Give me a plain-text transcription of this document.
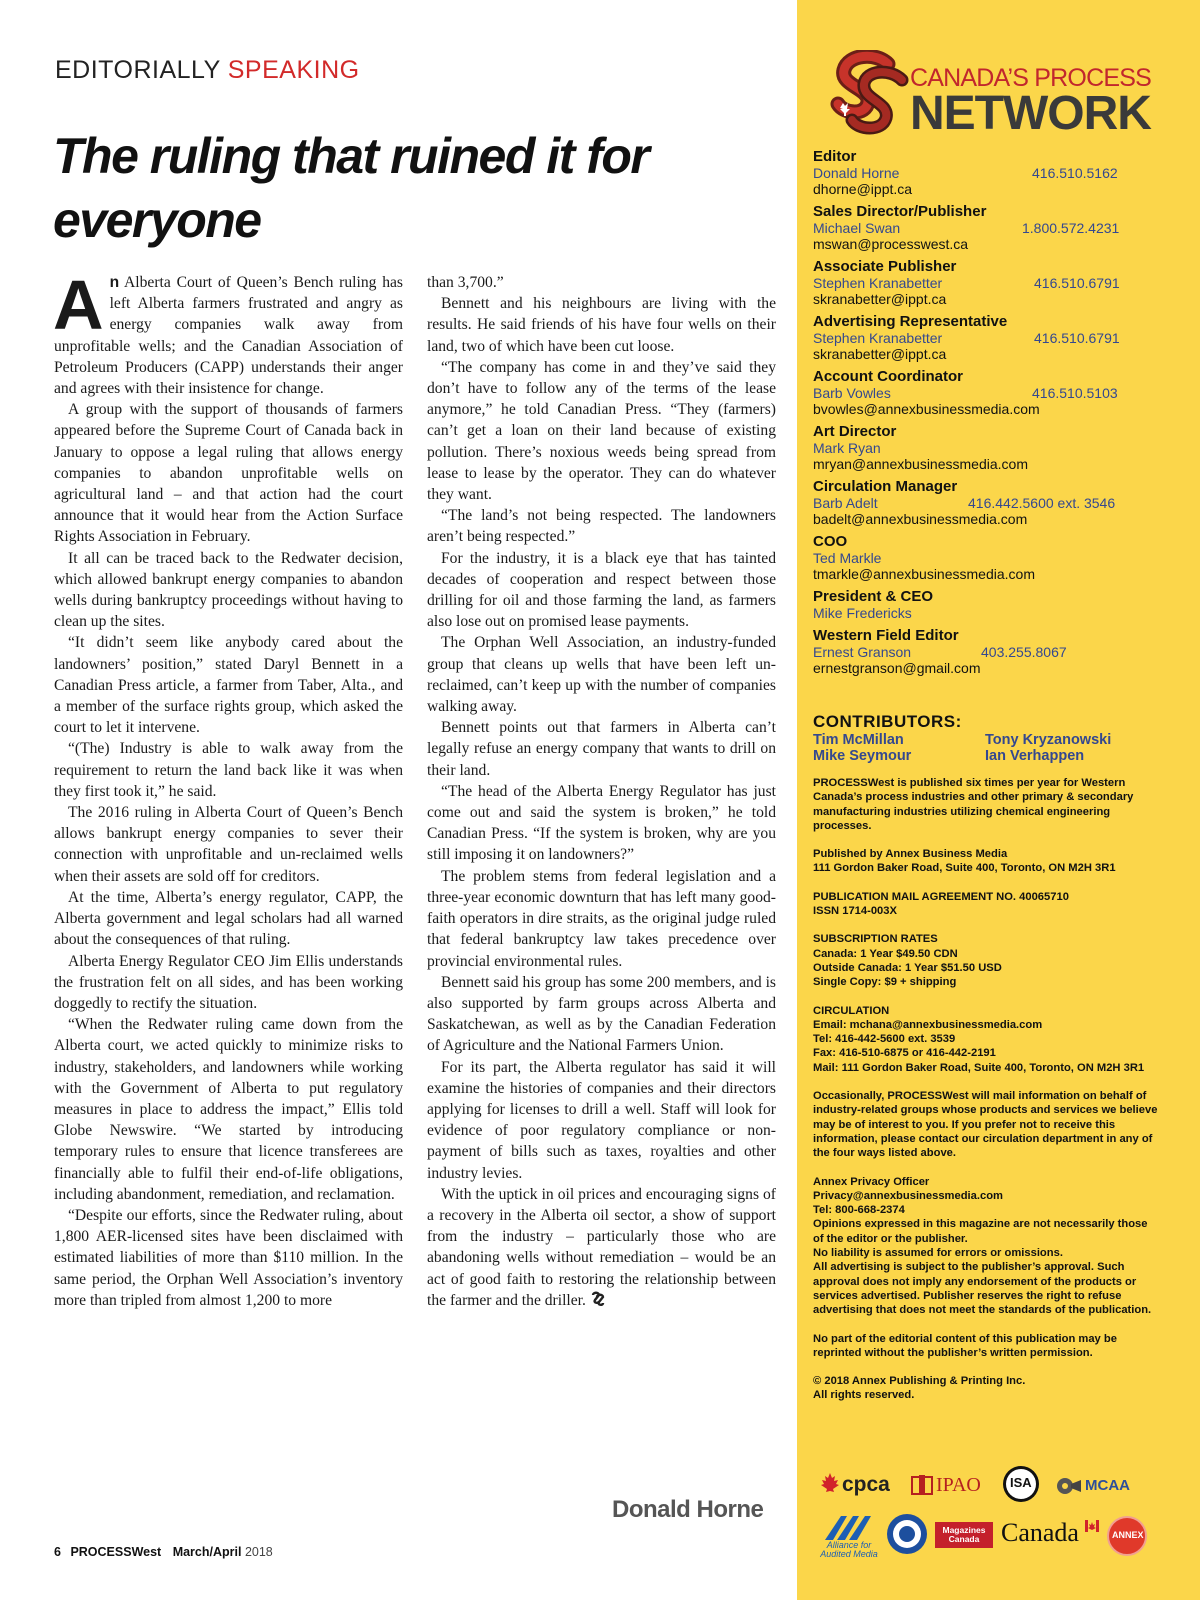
EDITORIALLY SPEAKING
The ruling that ruined it for everyone

An Alberta Court of Queen’s Bench ruling has left Alberta farmers frustrated and angry as energy companies walk away from unprofitable wells; and the Canadian Association of Petroleum Producers (CAPP) understands their anger and agrees with their insistence for change.

A group with the support of thousands of farmers appeared before the Supreme Court of Canada back in January to oppose a legal ruling that allows energy companies to abandon unprofitable wells on agricultural land – and that action had the court announce that it would hear from the Action Surface Rights Association in February.

It all can be traced back to the Redwater decision, which allowed bankrupt energy companies to abandon wells during bankruptcy proceedings without having to clean up the sites.

“It didn’t seem like anybody cared about the landowners’ position,” stated Daryl Bennett in a Canadian Press article, a farmer from Taber, Alta., and a member of the surface rights group, which asked the court to let it intervene.

“(The) Industry is able to walk away from the requirement to return the land back like it was when they first took it,” he said.

The 2016 ruling in Alberta Court of Queen’s Bench allows bankrupt energy companies to sever their connection with unprofitable and un-reclaimed wells when their assets are sold off for creditors.

At the time, Alberta’s energy regulator, CAPP, the Alberta government and legal scholars had all warned about the consequences of that ruling.

Alberta Energy Regulator CEO Jim Ellis understands the frustration felt on all sides, and has been working doggedly to rectify the situation.

“When the Redwater ruling came down from the Alberta court, we acted quickly to minimize risks to industry, stakeholders, and landowners while working with the Government of Alberta to put regulatory measures in place to address the impact,” Ellis told Globe Newswire. “We started by introducing temporary rules to ensure that licence transferees are financially able to fulfil their end-of-life obligations, including abandonment, remediation, and reclamation.

“Despite our efforts, since the Redwater ruling, about 1,800 AER-licensed sites have been disclaimed with estimated liabilities of more than $110 million. In the same period, the Orphan Well Association’s inventory more than tripled from almost 1,200 to more

than 3,700.”

Bennett and his neighbours are living with the results. He said friends of his have four wells on their land, two of which have been cut loose.

“The company has come in and they’ve said they don’t have to follow any of the terms of the lease anymore,” he told Canadian Press. “They (farmers) can’t get a loan on their land because of existing pollution. There’s noxious weeds being spread from lease to lease by the operator. They can do whatever they want.

“The land’s not being respected. The landowners aren’t being respected.”

For the industry, it is a black eye that has tainted decades of cooperation and respect between those drilling for oil and those farming the land, as farmers also lose out on promised lease payments.

The Orphan Well Association, an industry-funded group that cleans up wells that have been left un-reclaimed, can’t keep up with the number of companies walking away.

Bennett points out that farmers in Alberta can’t legally refuse an energy company that wants to drill on their land.

“The head of the Alberta Energy Regulator has just come out and said the system is broken,” he told Canadian Press. “If the system is broken, why are you still imposing it on landowners?”

The problem stems from federal legislation and a three-year economic downturn that has left many good-faith operators in dire straits, as the original judge ruled that federal bankruptcy law takes precedence over provincial environmental rules.

Bennett said his group has some 200 members, and is also supported by farm groups across Alberta and Saskatchewan, as well as by the Canadian Federation of Agriculture and the National Farmers Union.

For its part, the Alberta regulator has said it will examine the histories of companies and their directors applying for licenses to drill a well. Staff will look for evidence of poor regulatory compliance or non-payment of bills such as taxes, royalties and other industry levies.

With the uptick in oil prices and encouraging signs of a recovery in the Alberta oil sector, a show of support from the industry – particularly those who are abandoning wells without remediation – would be an act of good faith to restoring the relationship between the farmer and the driller.

Donald Horne
6 PROCESSWest March/April 2018
CANADA’S PROCESS
NETWORK
Editor
Donald Horne	416.510.5162
dhorne@ippt.ca
Sales Director/Publisher
Michael Swan	1.800.572.4231
mswan@processwest.ca
Associate Publisher
Stephen Kranabetter	416.510.6791
skranabetter@ippt.ca
Advertising Representative
Stephen Kranabetter	416.510.6791
skranabetter@ippt.ca
Account Coordinator
Barb Vowles	416.510.5103
bvowles@annexbusinessmedia.com
Art Director
Mark Ryan
mryan@annexbusinessmedia.com
Circulation Manager
Barb Adelt	416.442.5600 ext. 3546
badelt@annexbusinessmedia.com
COO
Ted Markle
tmarkle@annexbusinessmedia.com
President & CEO
Mike Fredericks
Western Field Editor
Ernest Granson	403.255.8067
ernestgranson@gmail.com
CONTRIBUTORS:
Tim McMillan	Tony Kryzanowski
Mike Seymour	Ian Verhappen
PROCESSWest is published six times per year for Western Canada’s process industries and other primary & secondary manufacturing industries utilizing chemical engineering processes.
Published by Annex Business Media
111 Gordon Baker Road, Suite 400, Toronto, ON M2H 3R1
PUBLICATION MAIL AGREEMENT NO. 40065710
ISSN 1714-003X
SUBSCRIPTION RATES
Canada: 1 Year $49.50 CDN
Outside Canada: 1 Year $51.50 USD
Single Copy: $9 + shipping
CIRCULATION
Email: mchana@annexbusinessmedia.com
Tel: 416-442-5600 ext. 3539
Fax: 416-510-6875 or 416-442-2191
Mail: 111 Gordon Baker Road, Suite 400, Toronto, ON M2H 3R1
Occasionally, PROCESSWest will mail information on behalf of industry-related groups whose products and services we believe may be of interest to you. If you prefer not to receive this information, please contact our circulation department in any of the four ways listed above.
Annex Privacy Officer
Privacy@annexbusinessmedia.com
Tel: 800-668-2374
Opinions expressed in this magazine are not necessarily those of the editor or the publisher.
No liability is assumed for errors or omissions.
All advertising is subject to the publisher’s approval. Such approval does not imply any endorsement of the products or services advertised. Publisher reserves the right to refuse advertising that does not meet the standards of the publication.
No part of the editorial content of this publication may be reprinted without the publisher’s written permission.
© 2018 Annex Publishing & Printing Inc.
All rights reserved.
cpca IPAO ISA	MCAA
Alliance for
Audited Media
Magazines Canada Canada	ANNEX
